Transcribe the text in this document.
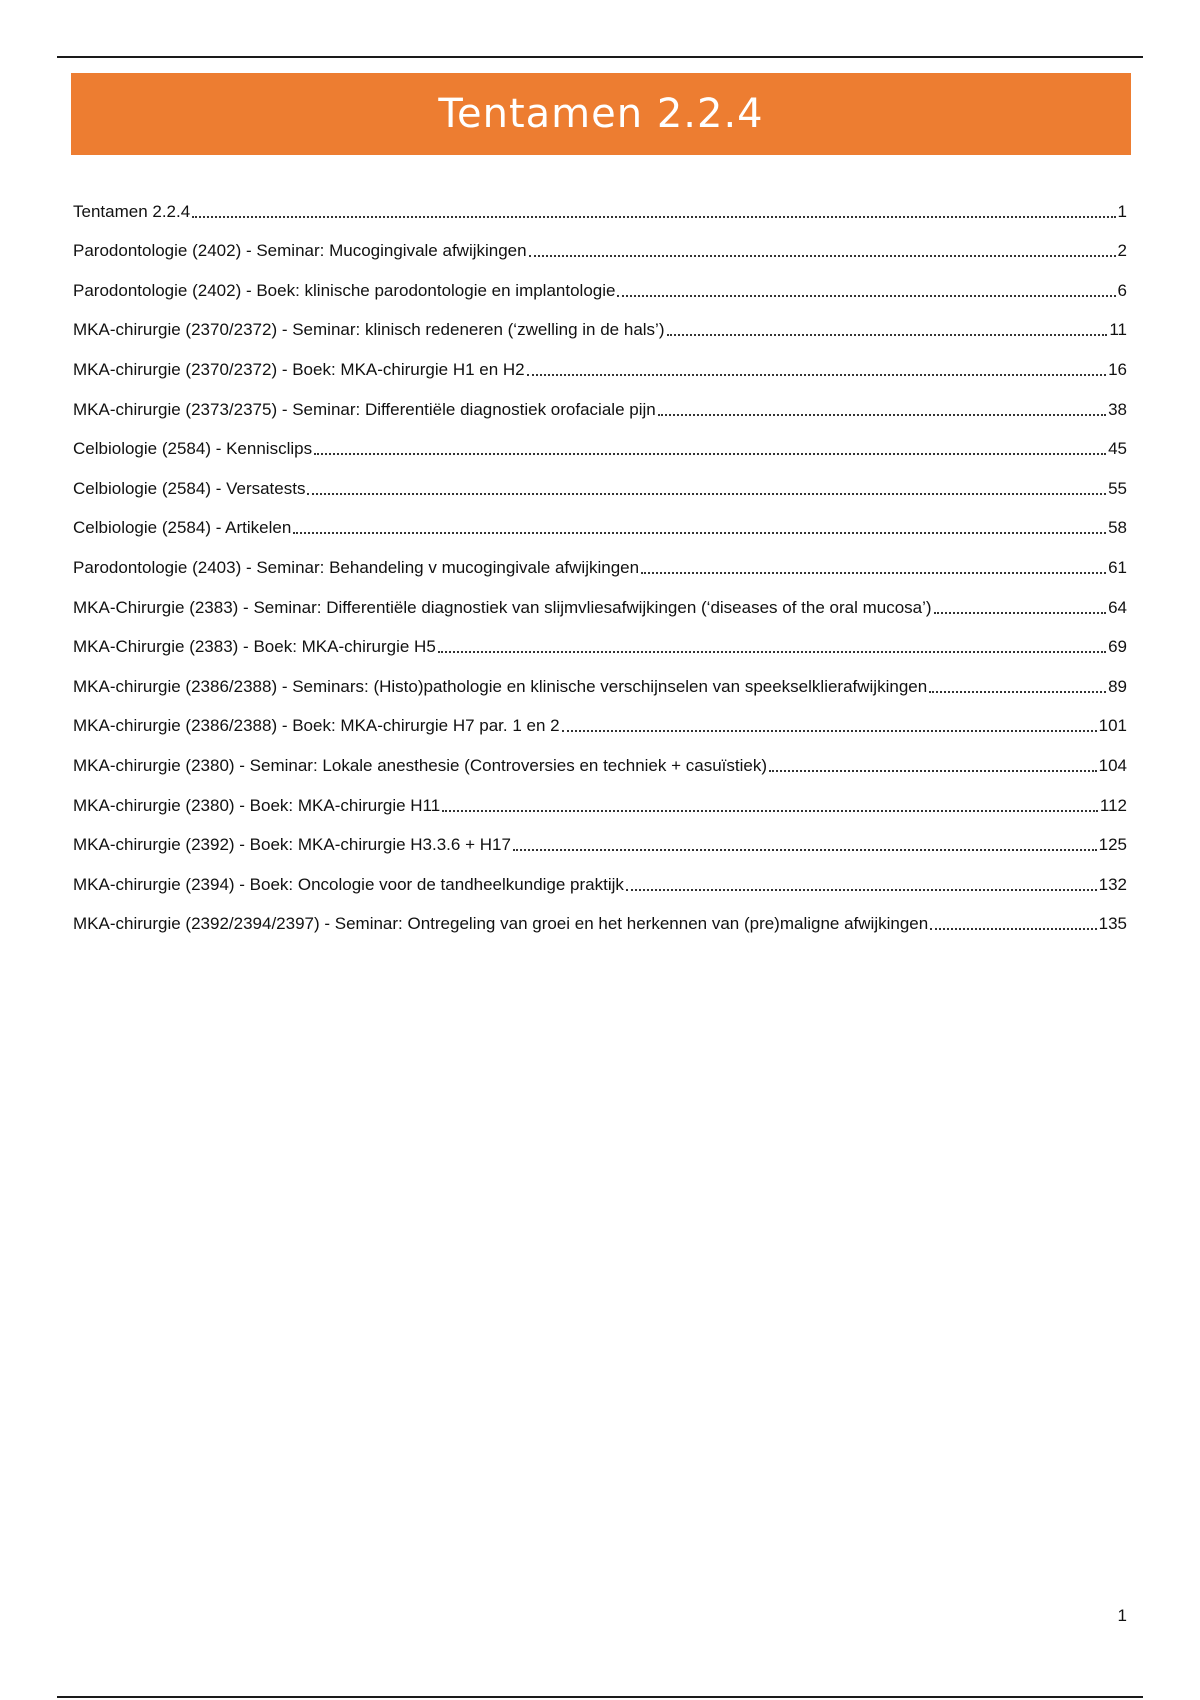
Tentamen 2.2.4
Tentamen 2.2.4	1
Parodontologie (2402) - Seminar: Mucogingivale afwijkingen	2
Parodontologie (2402) - Boek: klinische parodontologie en implantologie	6
MKA-chirurgie (2370/2372) - Seminar: klinisch redeneren (‘zwelling in de hals’)	11
MKA-chirurgie (2370/2372) - Boek: MKA-chirurgie H1 en H2	16
MKA-chirurgie (2373/2375) - Seminar: Differentiële diagnostiek orofaciale pijn	38
Celbiologie (2584) - Kennisclips	45
Celbiologie (2584) - Versatests	55
Celbiologie (2584) - Artikelen	58
Parodontologie (2403) - Seminar: Behandeling v mucogingivale afwijkingen	61
MKA-Chirurgie (2383) - Seminar: Differentiële diagnostiek van slijmvliesafwijkingen (‘diseases of the oral mucosa’)	64
MKA-Chirurgie (2383) - Boek: MKA-chirurgie H5	69
MKA-chirurgie (2386/2388) - Seminars: (Histo)pathologie en klinische verschijnselen van speekselklierafwijkingen	89
MKA-chirurgie (2386/2388) - Boek: MKA-chirurgie H7 par. 1 en 2	101
MKA-chirurgie (2380) - Seminar: Lokale anesthesie (Controversies en techniek + casuïstiek)	104
MKA-chirurgie (2380) - Boek: MKA-chirurgie H11	112
MKA-chirurgie (2392) - Boek: MKA-chirurgie H3.3.6 + H17	125
MKA-chirurgie (2394) - Boek: Oncologie voor de tandheelkundige praktijk	132
MKA-chirurgie (2392/2394/2397) - Seminar: Ontregeling van groei en het herkennen van (pre)maligne afwijkingen	135
1
